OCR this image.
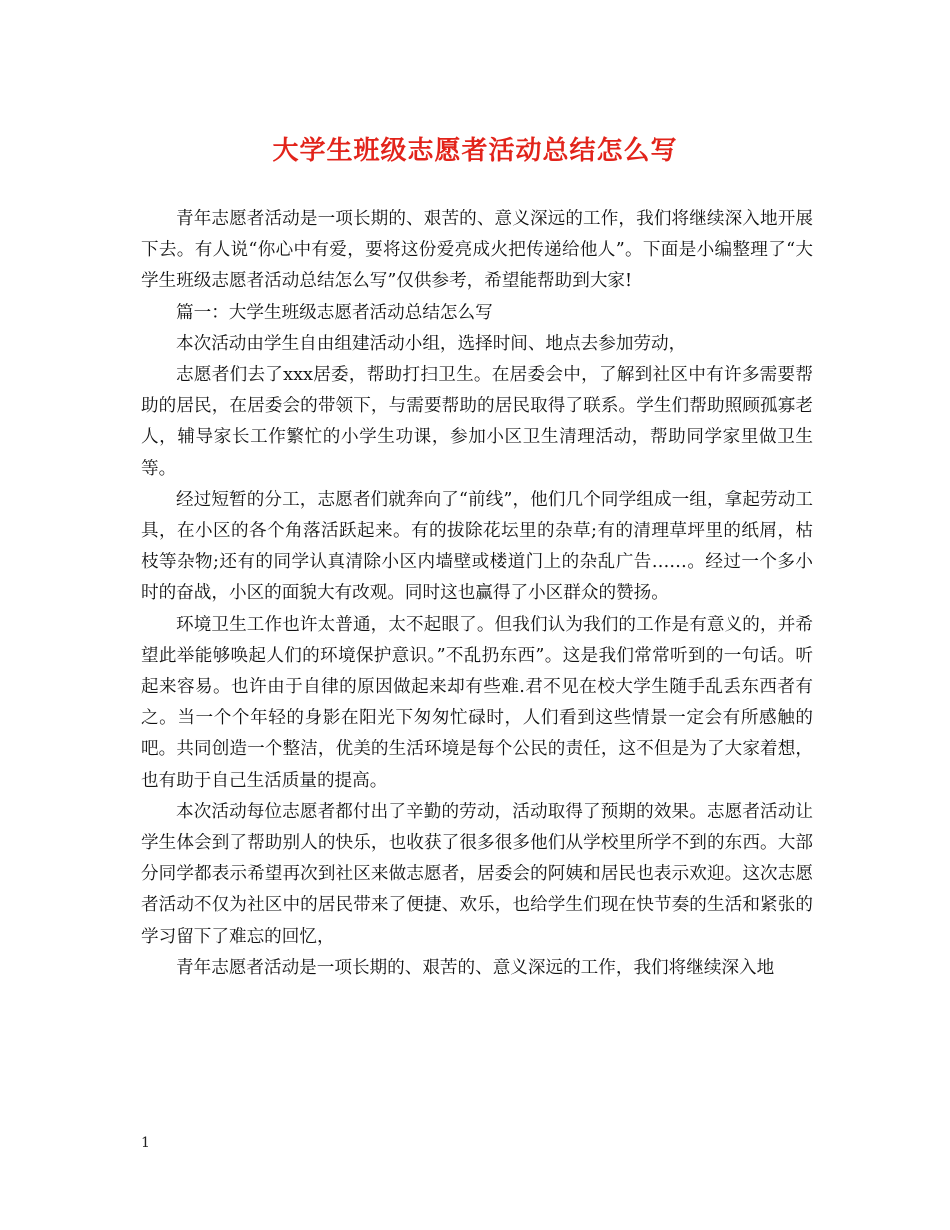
大学生班级志愿者活动总结怎么写

青年志愿者活动是一项长期的、艰苦的、意义深远的工作，我们将继续深入地开展下去。有人说“你心中有爱，要将这份爱亮成火把传递给他人”。下面是小编整理了“大学生班级志愿者活动总结怎么写”仅供参考，希望能帮助到大家!

篇一：大学生班级志愿者活动总结怎么写

本次活动由学生自由组建活动小组，选择时间、地点去参加劳动，

志愿者们去了xxx居委，帮助打扫卫生。在居委会中，了解到社区中有许多需要帮助的居民，在居委会的带领下，与需要帮助的居民取得了联系。学生们帮助照顾孤寡老人，辅导家长工作繁忙的小学生功课，参加小区卫生清理活动，帮助同学家里做卫生等。

经过短暂的分工，志愿者们就奔向了“前线”，他们几个同学组成一组，拿起劳动工具，在小区的各个角落活跃起来。有的拔除花坛里的杂草;有的清理草坪里的纸屑，枯枝等杂物;还有的同学认真清除小区内墙壁或楼道门上的杂乱广告……。经过一个多小时的奋战，小区的面貌大有改观。同时这也赢得了小区群众的赞扬。

环境卫生工作也许太普通，太不起眼了。但我们认为我们的工作是有意义的，并希望此举能够唤起人们的环境保护意识。”不乱扔东西”。这是我们常常听到的一句话。听起来容易。也许由于自律的原因做起来却有些难.君不见在校大学生随手乱丢东西者有之。当一个个年轻的身影在阳光下匆匆忙碌时，人们看到这些情景一定会有所感触的吧。共同创造一个整洁，优美的生活环境是每个公民的责任，这不但是为了大家着想，也有助于自己生活质量的提高。

本次活动每位志愿者都付出了辛勤的劳动，活动取得了预期的效果。志愿者活动让学生体会到了帮助别人的快乐，也收获了很多很多他们从学校里所学不到的东西。大部分同学都表示希望再次到社区来做志愿者，居委会的阿姨和居民也表示欢迎。这次志愿者活动不仅为社区中的居民带来了便捷、欢乐，也给学生们现在快节奏的生活和紧张的学习留下了难忘的回忆，

青年志愿者活动是一项长期的、艰苦的、意义深远的工作，我们将继续深入地

1
